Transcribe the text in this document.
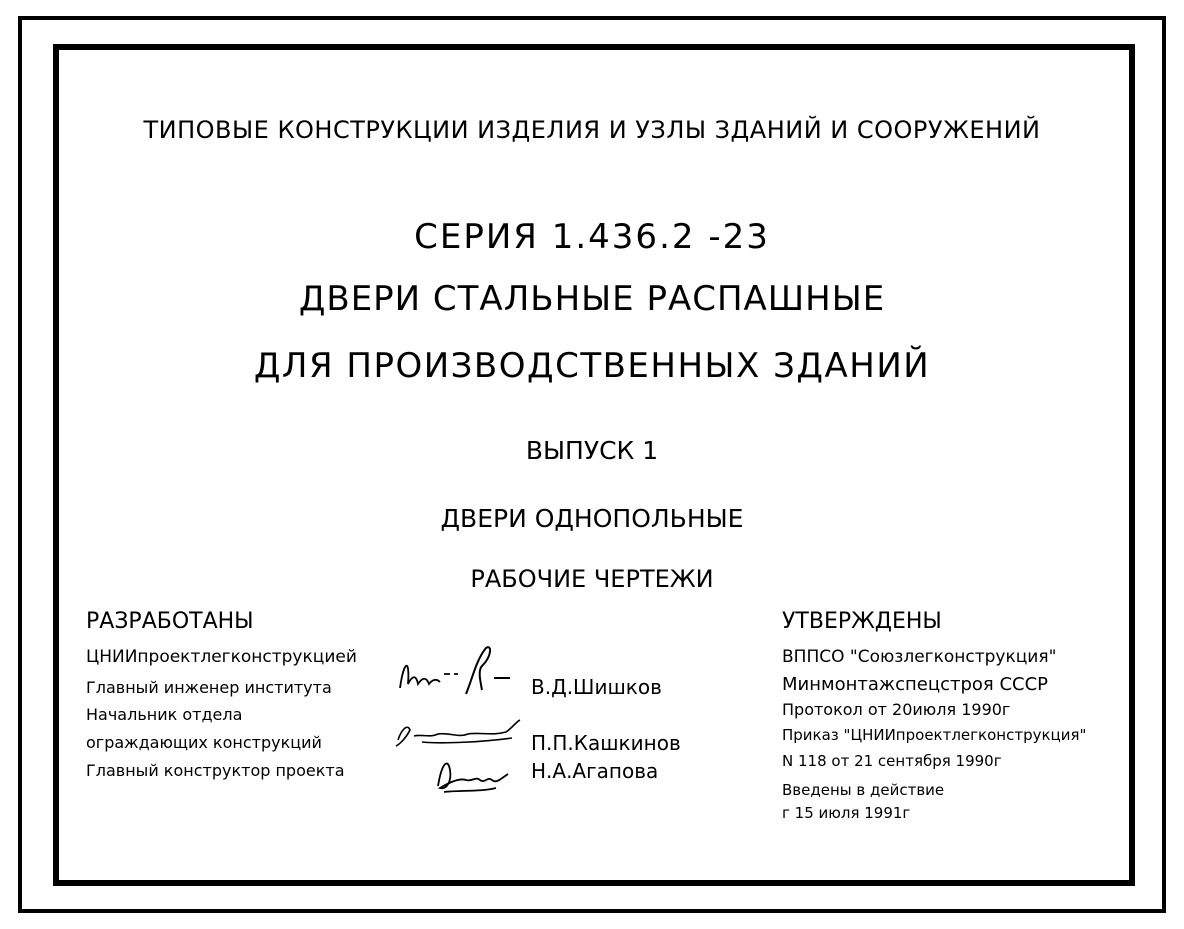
ТИПОВЫЕ КОНСТРУКЦИИ ИЗДЕЛИЯ И УЗЛЫ ЗДАНИЙ И СООРУЖЕНИЙ
СЕРИЯ 1.436.2 -23
ДВЕРИ СТАЛЬНЫЕ РАСПАШНЫЕ
ДЛЯ ПРОИЗВОДСТВЕННЫХ ЗДАНИЙ
ВЫПУСК 1
ДВЕРИ ОДНОПОЛЬНЫЕ
РАБОЧИЕ ЧЕРТЕЖИ
РАЗРАБОТАНЫ
ЦНИИпроектлегконструкцией
Главный инженер института
Начальник отдела
ограждающих конструкций
Главный конструктор проекта
В.Д.Шишков
П.П.Кашкинов
Н.А.Агапова
УТВЕРЖДЕНЫ
ВППСО "Союзлегконструкция"
Минмонтажспецстроя СССР
Протокол от 20июля 1990г
Приказ "ЦНИИпроектлегконструкция"
N 118 от 21 сентября 1990г
Введены в действие
г 15 июля 1991г
